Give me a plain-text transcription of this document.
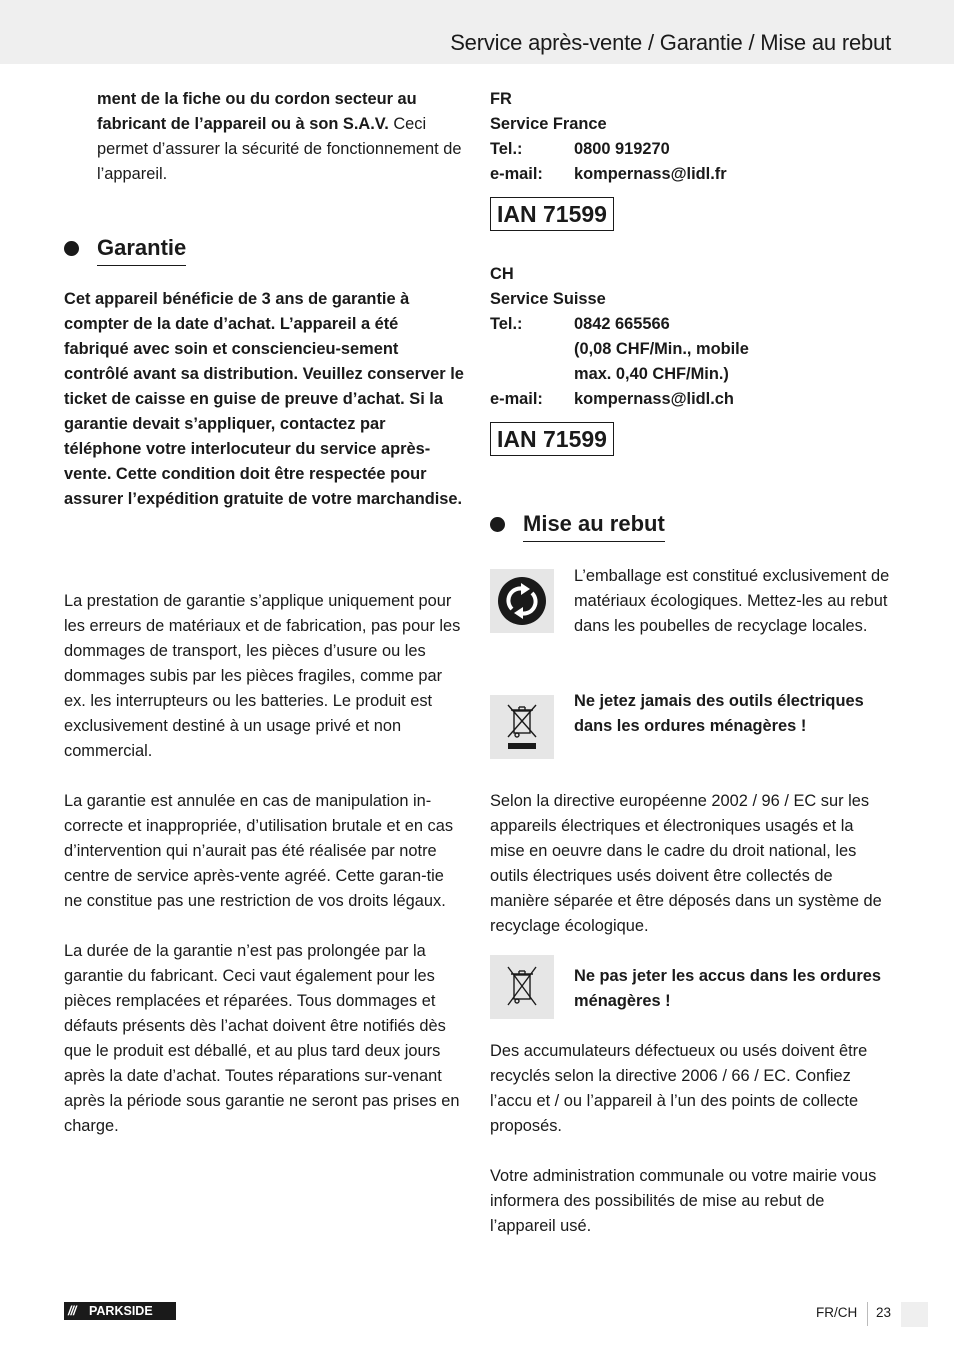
Service après-vente / Garantie / Mise au rebut

ment de la fiche ou du cordon secteur au fabricant de l’appareil ou à son S.A.V. Ceci permet d’assurer la sécurité de fonctionnement de l’appareil.

Garantie
Cet appareil bénéficie de 3 ans de garantie à compter de la date d’achat. L’appareil a été fabriqué avec soin et consciencieu-sement contrôlé avant sa distribution. Veuillez conserver le ticket de caisse en guise de preuve d’achat. Si la garantie devait s’appliquer, contactez par téléphone votre interlocuteur du service après-vente. Cette condition doit être respectée pour assurer l’expédition gratuite de votre marchandise.
La prestation de garantie s’applique uniquement pour les erreurs de matériaux et de fabrication, pas pour les dommages de transport, les pièces d’usure ou les dommages subis par les pièces fragiles, comme par ex. les interrupteurs ou les batteries. Le produit est exclusivement destiné à un usage privé et non commercial.
La garantie est annulée en cas de manipulation in-correcte et inappropriée, d’utilisation brutale et en cas d’intervention qui n’aurait pas été réalisée par notre centre de service après-vente agréé. Cette garan-tie ne constitue pas une restriction de vos droits légaux.
La durée de la garantie n’est pas prolongée par la garantie du fabricant. Ceci vaut également pour les pièces remplacées et réparées. Tous dommages et défauts présents dès l’achat doivent être notifiés dès que le produit est déballé, et au plus tard deux jours après la date d’achat. Toutes réparations sur-venant après la période sous garantie ne seront pas prises en charge.
FR
Service France
Tel.:	0800 919270
e-mail: kompernass@lidl.fr
IAN 71599
CH
Service Suisse
Tel.:	0842 665566
(0,08 CHF/Min., mobile
max. 0,40 CHF/Min.)
e-mail: kompernass@lidl.ch
IAN 71599
Mise au rebut
L’emballage est constitué exclusivement de matériaux écologiques. Mettez-les au rebut dans les poubelles de recyclage locales.
Ne jetez jamais des outils électriques dans les ordures ménagères !
Selon la directive européenne 2002 / 96 / EC sur les appareils électriques et électroniques usagés et la mise en oeuvre dans le cadre du droit national, les outils électriques usés doivent être collectés de manière séparée et être déposés dans un système de recyclage écologique.
Ne pas jeter les accus dans les ordures ménagères !
Des accumulateurs défectueux ou usés doivent être recyclés selon la directive 2006 / 66 / EC. Confiez l’accu et / ou l’appareil à l’un des points de collecte proposés.
Votre administration communale ou votre mairie vous informera des possibilités de mise au rebut de l’appareil usé.
/// PARKSIDE	FR/CH 23
